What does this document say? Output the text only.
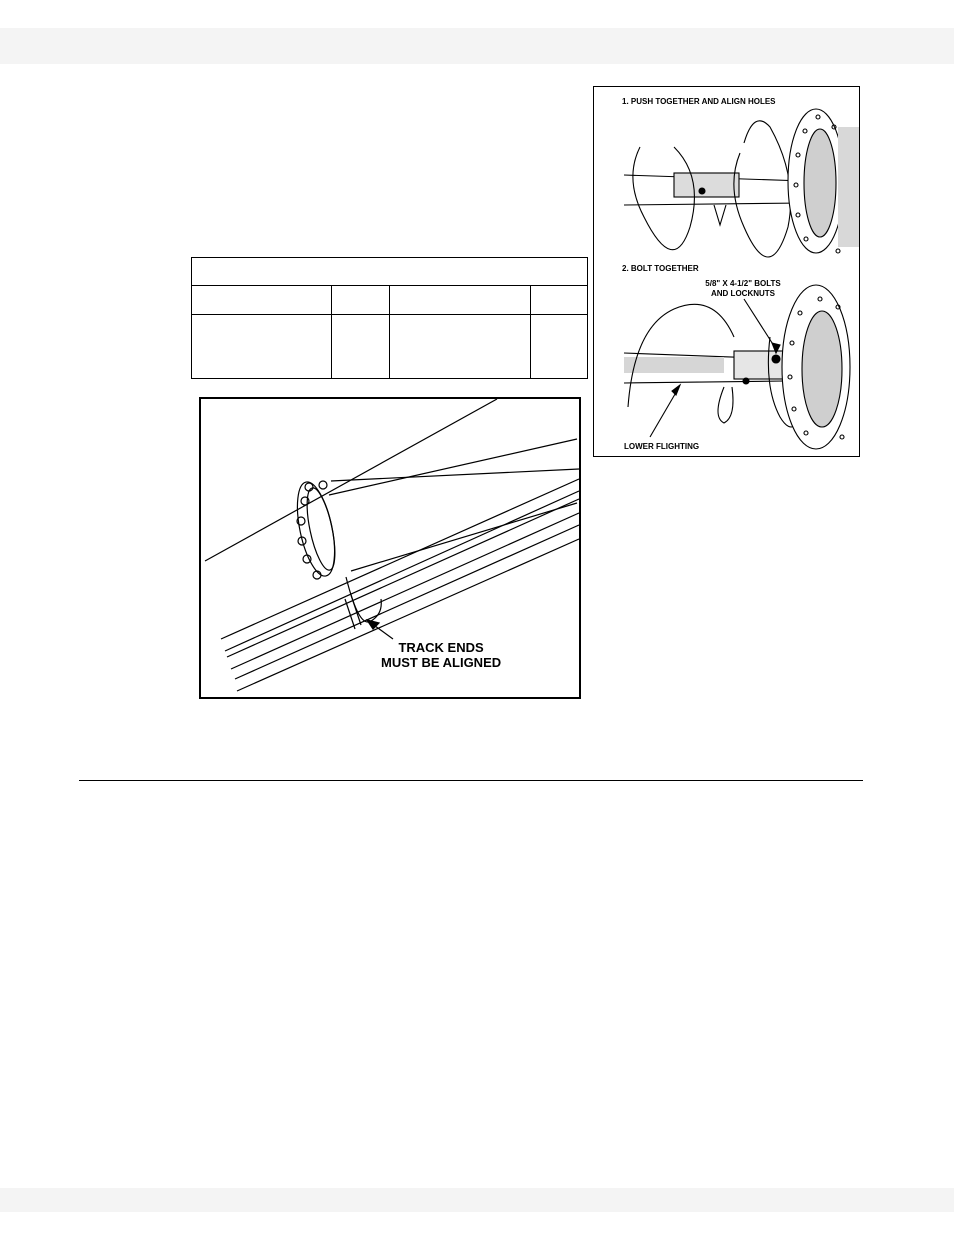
TRACK ENDS
MUST BE ALIGNED
1. PUSH TOGETHER AND ALIGN HOLES
2. BOLT TOGETHER
5/8" X 4-1/2" BOLTS
AND LOCKNUTS
LOWER FLIGHTING
